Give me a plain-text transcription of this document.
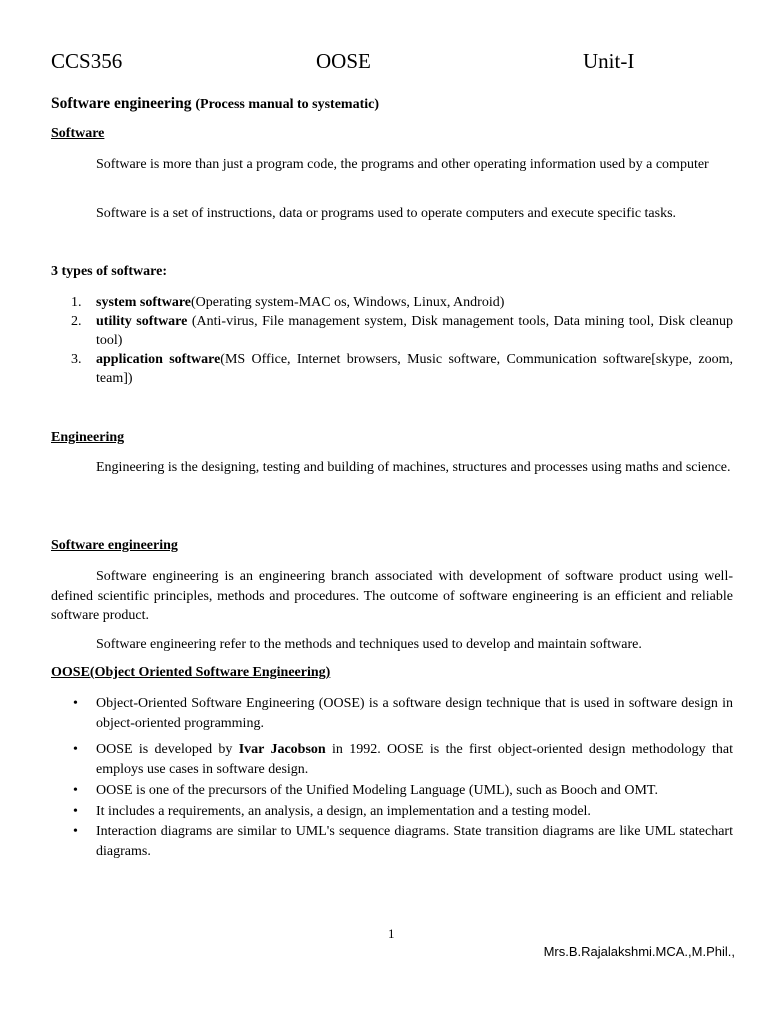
CCS356	OOSE	Unit-I
Software engineering (Process manual to systematic)
Software
Software is more than just a program code, the programs and other operating information used by a computer
Software is a set of instructions, data or programs used to operate computers and execute specific tasks.
3 types of software:
1. system software(Operating system-MAC os, Windows, Linux, Android)
2. utility software (Anti-virus, File management system, Disk management tools, Data mining tool, Disk cleanup tool)
3. application software(MS Office, Internet browsers, Music software, Communication software[skype, zoom, team])
Engineering
Engineering is the designing, testing and building of machines, structures and processes using maths and science.
Software engineering
Software engineering is an engineering branch associated with development of software product using well-defined scientific principles, methods and procedures. The outcome of software engineering is an efficient and reliable software product.
Software engineering refer to the methods and techniques used to develop and maintain software.
OOSE(Object Oriented Software Engineering)
• Object-Oriented Software Engineering (OOSE) is a software design technique that is used in software design in object-oriented programming.
• OOSE is developed by Ivar Jacobson in 1992. OOSE is the first object-oriented design methodology that employs use cases in software design.
• OOSE is one of the precursors of the Unified Modeling Language (UML), such as Booch and OMT.
• It includes a requirements, an analysis, a design, an implementation and a testing model.
• Interaction diagrams are similar to UML's sequence diagrams. State transition diagrams are like UML statechart diagrams.
1
Mrs.B.Rajalakshmi.MCA.,M.Phil.,
